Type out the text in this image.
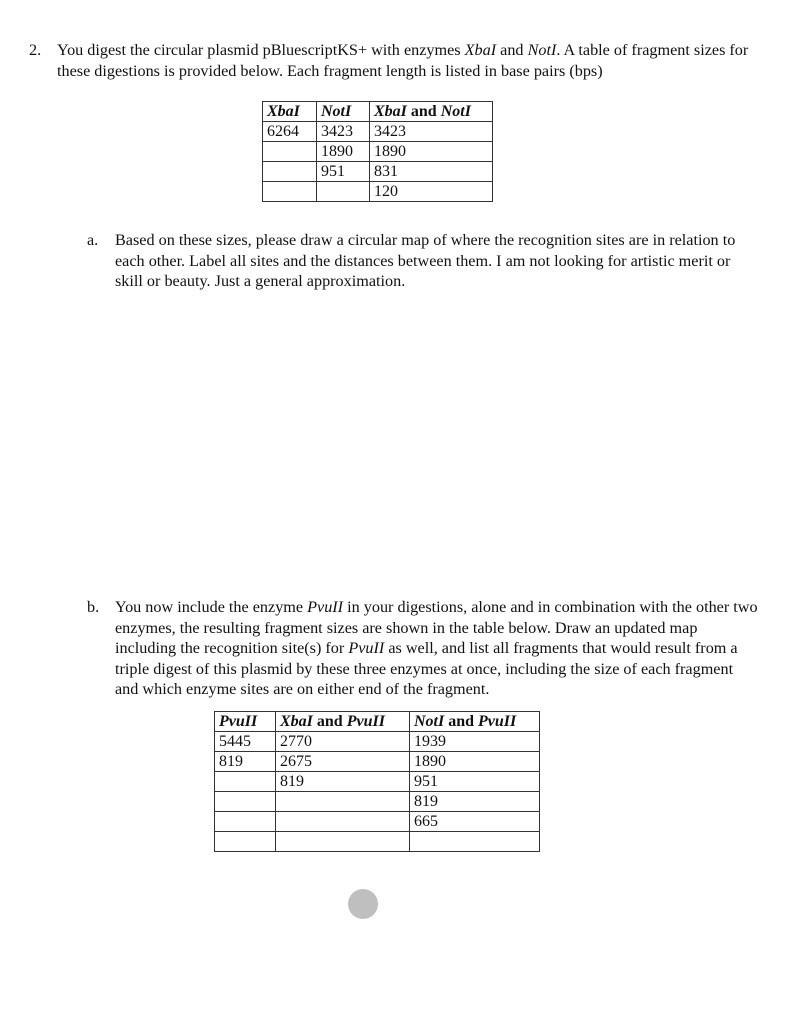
2. You digest the circular plasmid pBluescriptKS+ with enzymes XbaI and NotI. A table of fragment sizes for these digestions is provided below. Each fragment length is listed in base pairs (bps)
XbaI	NotI	XbaI and NotI
6264	3423	3423
	1890	1890
	951	831
		120
a. Based on these sizes, please draw a circular map of where the recognition sites are in relation to each other. Label all sites and the distances between them. I am not looking for artistic merit or skill or beauty. Just a general approximation.
b. You now include the enzyme PvuII in your digestions, alone and in combination with the other two enzymes, the resulting fragment sizes are shown in the table below. Draw an updated map including the recognition site(s) for PvuII as well, and list all fragments that would result from a triple digest of this plasmid by these three enzymes at once, including the size of each fragment and which enzyme sites are on either end of the fragment.
PvuII	XbaI and PvuII	NotI and PvuII
5445	2770	1939
819	2675	1890
	819	951
		819
		665
